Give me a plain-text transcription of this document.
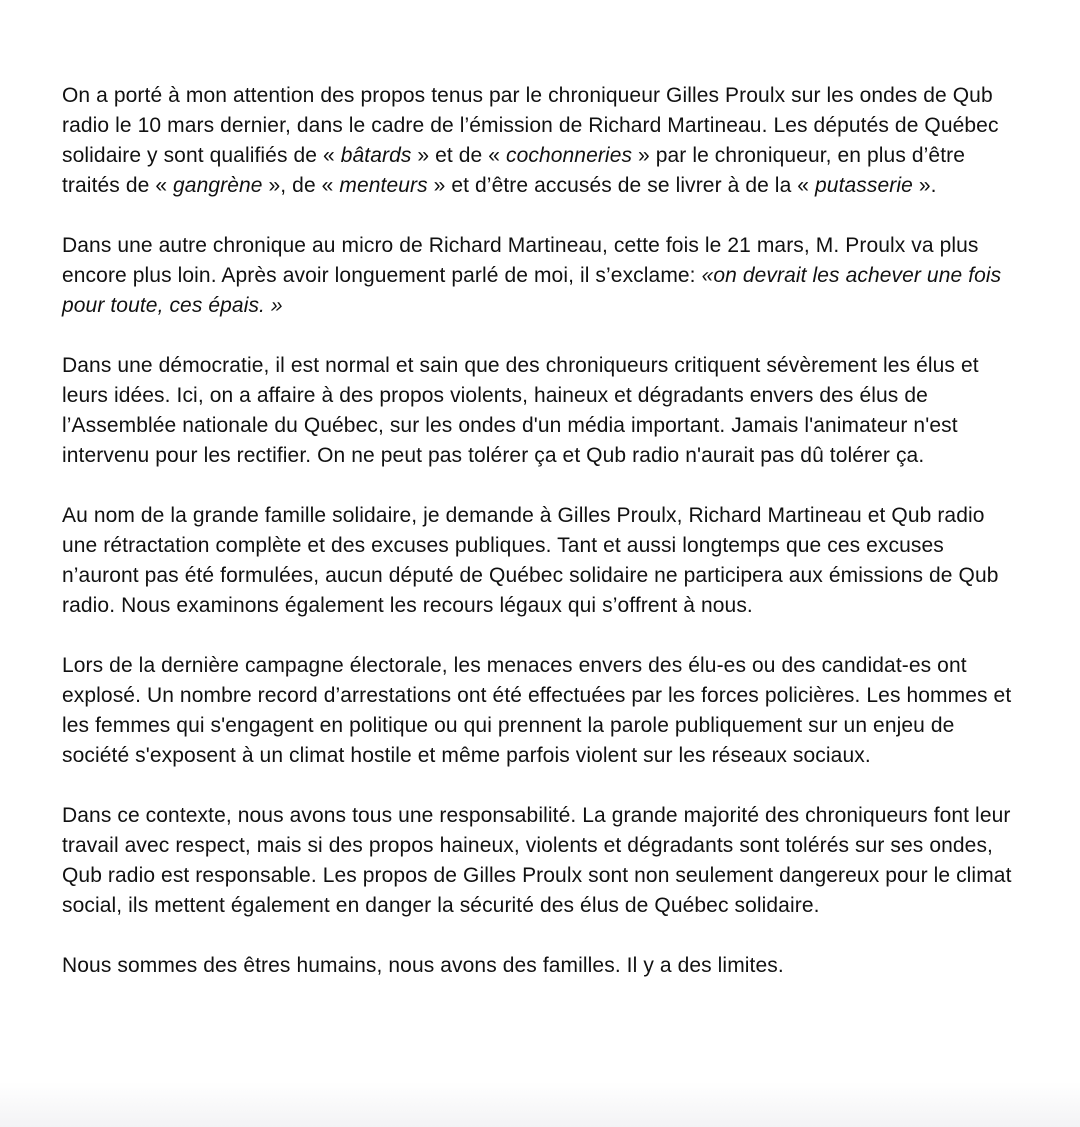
On a porté à mon attention des propos tenus par le chroniqueur Gilles Proulx sur les ondes de Qub radio le 10 mars dernier, dans le cadre de l’émission de Richard Martineau. Les députés de Québec solidaire y sont qualifiés de « bâtards » et de « cochonneries » par le chroniqueur, en plus d’être traités de « gangrène », de « menteurs » et d’être accusés de se livrer à de la « putasserie ».

Dans une autre chronique au micro de Richard Martineau, cette fois le 21 mars, M. Proulx va plus encore plus loin. Après avoir longuement parlé de moi, il s’exclame: «on devrait les achever une fois pour toute, ces épais. »

Dans une démocratie, il est normal et sain que des chroniqueurs critiquent sévèrement les élus et leurs idées. Ici, on a affaire à des propos violents, haineux et dégradants envers des élus de l’Assemblée nationale du Québec, sur les ondes d'un média important. Jamais l'animateur n'est intervenu pour les rectifier. On ne peut pas tolérer ça et Qub radio n'aurait pas dû tolérer ça.

Au nom de la grande famille solidaire, je demande à Gilles Proulx, Richard Martineau et Qub radio une rétractation complète et des excuses publiques. Tant et aussi longtemps que ces excuses n’auront pas été formulées, aucun député de Québec solidaire ne participera aux émissions de Qub radio. Nous examinons également les recours légaux qui s’offrent à nous.

Lors de la dernière campagne électorale, les menaces envers des élu-es ou des candidat-es ont explosé. Un nombre record d’arrestations ont été effectuées par les forces policières. Les hommes et les femmes qui s'engagent en politique ou qui prennent la parole publiquement sur un enjeu de société s'exposent à un climat hostile et même parfois violent sur les réseaux sociaux.

Dans ce contexte, nous avons tous une responsabilité. La grande majorité des chroniqueurs font leur travail avec respect, mais si des propos haineux, violents et dégradants sont tolérés sur ses ondes, Qub radio est responsable. Les propos de Gilles Proulx sont non seulement dangereux pour le climat social, ils mettent également en danger la sécurité des élus de Québec solidaire.

Nous sommes des êtres humains, nous avons des familles. Il y a des limites.
